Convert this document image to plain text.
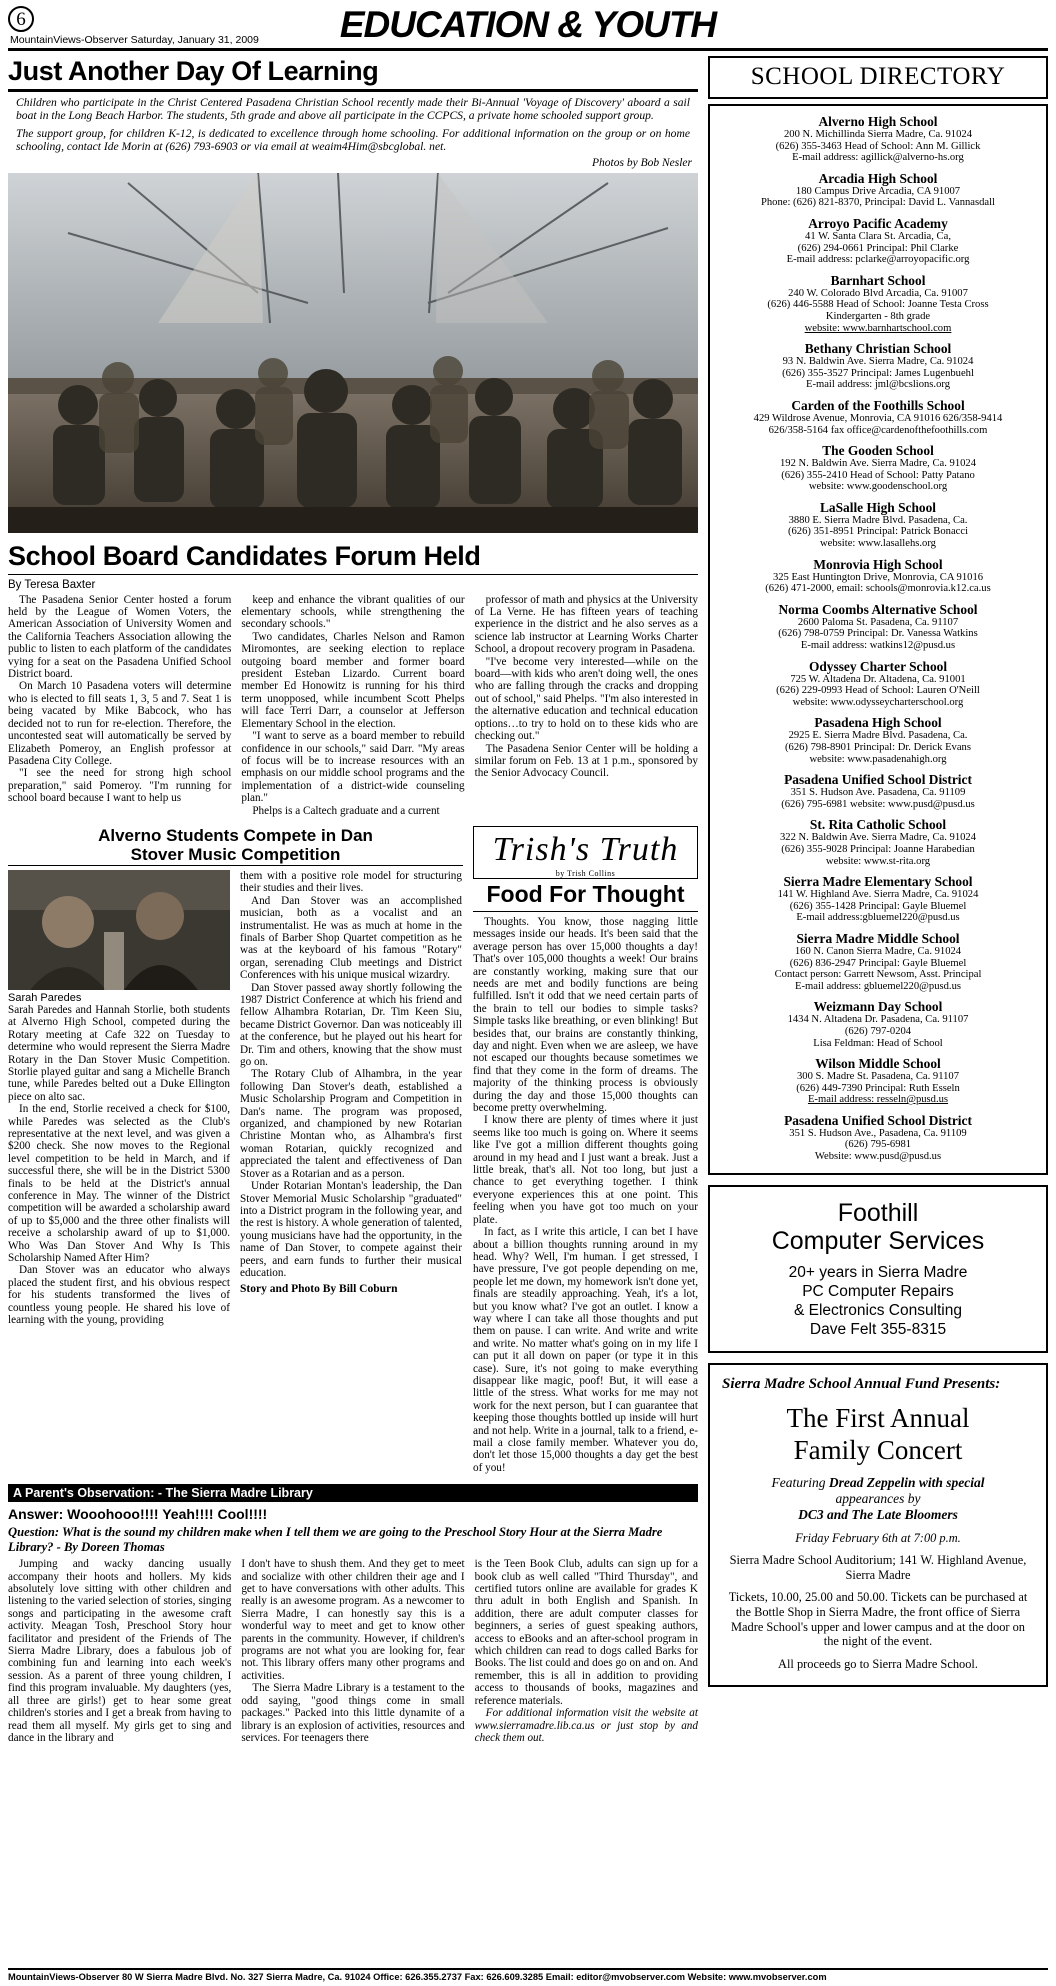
6	EDUCATION & YOUTH
MountainViews-Observer Saturday, January 31, 2009
Just Another Day Of Learning
Children who participate in the Christ Centered Pasadena Christian School recently made their Bi-Annual 'Voyage of Discovery' aboard a sail boat in the Long Beach Harbor. The students, 5th grade and above all participate in the CCPCS, a private home schooled support group.
The support group, for children K-12, is dedicated to excellence through home schooling. For additional information on the group or on home schooling, contact Ide Morin at (626) 793-6903 or via email at weaim4Him@sbcglobal. net.
Photos by Bob Nesler
School Board Candidates Forum Held
By Teresa Baxter

The Pasadena Senior Center hosted a forum held by the League of Women Voters, the American Association of University Women and the California Teachers Association allowing the public to listen to each platform of the candidates vying for a seat on the Pasadena Unified School District board.

On March 10 Pasadena voters will determine who is elected to fill seats 1, 3, 5 and 7. Seat 1 is being vacated by Mike Babcock, who has decided not to run for re-election. Therefore, the uncontested seat will automatically be served by Elizabeth Pomeroy, an English professor at Pasadena City College.

"I see the need for strong high school preparation," said Pomeroy. "I'm running for school board because I want to help us

keep and enhance the vibrant qualities of our elementary schools, while strengthening the secondary schools."

Two candidates, Charles Nelson and Ramon Miromontes, are seeking election to replace outgoing board member and former board president Esteban Lizardo. Current board member Ed Honowitz is running for his third term unopposed, while incumbent Scott Phelps will face Terri Darr, a counselor at Jefferson Elementary School in the election.

"I want to serve as a board member to rebuild confidence in our schools," said Darr. "My areas of focus will be to increase resources with an emphasis on our middle school programs and the implementation of a district-wide counseling plan."

Phelps is a Caltech graduate and a current

professor of math and physics at the University of La Verne. He has fifteen years of teaching experience in the district and he also serves as a science lab instructor at Learning Works Charter School, a dropout recovery program in Pasadena.

"I've become very interested—while on the board—with kids who aren't doing well, the ones who are falling through the cracks and dropping out of school," said Phelps. "I'm also interested in the alternative education and technical education options…to try to hold on to these kids who are checking out."

The Pasadena Senior Center will be holding a similar forum on Feb. 13 at 1 p.m., sponsored by the Senior Advocacy Council.

Alverno Students Compete in Dan
Stover Music Competition
Sarah Paredes

Sarah Paredes and Hannah Storlie, both students at Alverno High School, competed during the Rotary meeting at Cafe 322 on Tuesday to determine who would represent the Sierra Madre Rotary in the Dan Stover Music Competition. Storlie played guitar and sang a Michelle Branch tune, while Paredes belted out a Duke Ellington piece on alto sac.

In the end, Storlie received a check for $100, while Paredes was selected as the Club's representative at the next level, and was given a $200 check. She now moves to the Regional level competition to be held in March, and if successful there, she will be in the District 5300 finals to be held at the District's annual conference in May. The winner of the District competition will be awarded a scholarship award of up to $5,000 and the three other finalists will receive a scholarship award of up to $1,000. Who Was Dan Stover And Why Is This Scholarship Named After Him?

Dan Stover was an educator who always placed the student first, and his obvious respect for his students transformed the lives of countless young people. He shared his love of learning with the young, providing

them with a positive role model for structuring their studies and their lives.

And Dan Stover was an accomplished musician, both as a vocalist and an instrumentalist. He was as much at home in the finals of Barber Shop Quartet competition as he was at the keyboard of his famous "Rotary" organ, serenading Club meetings and District Conferences with his unique musical wizardry.

Dan Stover passed away shortly following the 1987 District Conference at which his friend and fellow Alhambra Rotarian, Dr. Tim Keen Siu, became District Governor. Dan was noticeably ill at the conference, but he played out his heart for Dr. Tim and others, knowing that the show must go on.

The Rotary Club of Alhambra, in the year following Dan Stover's death, established a Music Scholarship Program and Competition in Dan's name. The program was proposed, organized, and championed by new Rotarian Christine Montan who, as Alhambra's first woman Rotarian, quickly recognized and appreciated the talent and effectiveness of Dan Stover as a Rotarian and as a person.

Under Rotarian Montan's leadership, the Dan Stover Memorial Music Scholarship "graduated" into a District program in the following year, and the rest is history. A whole generation of talented, young musicians have had the opportunity, in the name of Dan Stover, to compete against their peers, and earn funds to further their musical education.

Story and Photo By Bill Coburn
Trish's Truth
by Trish Collins
Food For Thought

Thoughts. You know, those nagging little messages inside our heads. It's been said that the average person has over 15,000 thoughts a day! That's over 105,000 thoughts a week! Our brains are constantly working, making sure that our needs are met and bodily functions are being fulfilled. Isn't it odd that we need certain parts of the brain to tell our bodies to simple tasks? Simple tasks like breathing, or even blinking! But besides that, our brains are constantly thinking, day and night. Even when we are asleep, we have not escaped our thoughts because sometimes we find that they come in the form of dreams. The majority of the thinking process is obviously during the day and those 15,000 thoughts can become pretty overwhelming.

I know there are plenty of times where it just seems like too much is going on. Where it seems like I've got a million different thoughts going around in my head and I just want a break. Just a little break, that's all. Not too long, but just a chance to get everything together. I think everyone experiences this at one point. This feeling when you have got too much on your plate.

In fact, as I write this article, I can bet I have about a billion thoughts running around in my head. Why? Well, I'm human. I get stressed, I have pressure, I've got people depending on me, people let me down, my homework isn't done yet, finals are steadily approaching. Yeah, it's a lot, but you know what? I've got an outlet. I know a way where I can take all those thoughts and put them on pause. I can write. And write and write and write. No matter what's going on in my life I can put it all down on paper (or type it in this case). Sure, it's not going to make everything disappear like magic, poof! But, it will ease a little of the stress. What works for me may not work for the next person, but I can guarantee that keeping those thoughts bottled up inside will hurt and not help. Write in a journal, talk to a friend, e-mail a close family member. Whatever you do, don't let those 15,000 thoughts a day get the best of you!

A Parent's Observation: - The Sierra Madre Library
Answer: Wooohooo!!!! Yeah!!!! Cool!!!!
Question: What is the sound my children make when I tell them we are going to the Preschool Story Hour at the Sierra Madre Library? - By Doreen Thomas

Jumping and wacky dancing usually accompany their hoots and hollers. My kids absolutely love sitting with other children and listening to the varied selection of stories, singing songs and participating in the awesome craft activity. Meagan Tosh, Preschool Story hour facilitator and president of the Friends of The Sierra Madre Library, does a fabulous job of combining fun and learning into each week's session. As a parent of three young children, I find this program invaluable. My daughters (yes, all three are girls!) get to hear some great children's stories and I get a break from having to read them all myself. My girls get to sing and dance in the library and

I don't have to shush them. And they get to meet and socialize with other children their age and I get to have conversations with other adults. This really is an awesome program. As a newcomer to Sierra Madre, I can honestly say this is a wonderful way to meet and get to know other parents in the community. However, if children's programs are not what you are looking for, fear not. This library offers many other programs and activities.

The Sierra Madre Library is a testament to the odd saying, "good things come in small packages." Packed into this little dynamite of a library is an explosion of activities, resources and services. For teenagers there

is the Teen Book Club, adults can sign up for a book club as well called "Third Thursday", and certified tutors online are available for grades K thru adult in both English and Spanish. In addition, there are adult computer classes for beginners, a series of guest speaking authors, access to eBooks and an after-school program in which children can read to dogs called Barks for Books. The list could and does go on and on. And remember, this is all in addition to providing access to thousands of books, magazines and reference materials.

For additional information visit the website at www.sierramadre.lib.ca.us or just stop by and check them out.

SCHOOL DIRECTORY
Alverno High School
200 N. Michillinda Sierra Madre, Ca. 91024
(626) 355-3463 Head of School: Ann M. Gillick
E-mail address: agillick@alverno-hs.org
Arcadia High School
180 Campus Drive Arcadia, CA 91007
Phone: (626) 821-8370, Principal: David L. Vannasdall
Arroyo Pacific Academy
41 W. Santa Clara St. Arcadia, Ca,
(626) 294-0661 Principal: Phil Clarke
E-mail address: pclarke@arroyopacific.org
Barnhart School
240 W. Colorado Blvd Arcadia, Ca. 91007
(626) 446-5588 Head of School: Joanne Testa Cross
Kindergarten - 8th grade
website: www.barnhartschool.com
Bethany Christian School
93 N. Baldwin Ave. Sierra Madre, Ca. 91024
(626) 355-3527 Principal: James Lugenbuehl
E-mail address: jml@bcslions.org
Carden of the Foothills School
429 Wildrose Avenue, Monrovia, CA 91016 626/358-9414
626/358-5164 fax office@cardenofthefoothills.com
The Gooden School
192 N. Baldwin Ave. Sierra Madre, Ca. 91024
(626) 355-2410 Head of School: Patty Patano
website: www.goodenschool.org
LaSalle High School
3880 E. Sierra Madre Blvd. Pasadena, Ca.
(626) 351-8951 Principal: Patrick Bonacci
website: www.lasallehs.org
Monrovia High School
325 East Huntington Drive, Monrovia, CA 91016
(626) 471-2000, email: schools@monrovia.k12.ca.us
Norma Coombs Alternative School
2600 Paloma St. Pasadena, Ca. 91107
(626) 798-0759 Principal: Dr. Vanessa Watkins
E-mail address: watkins12@pusd.us
Odyssey Charter School
725 W. Altadena Dr. Altadena, Ca. 91001
(626) 229-0993 Head of School: Lauren O'Neill
website: www.odysseycharterschool.org
Pasadena High School
2925 E. Sierra Madre Blvd. Pasadena, Ca.
(626) 798-8901 Principal: Dr. Derick Evans
website: www.pasadenahigh.org
Pasadena Unified School District
351 S. Hudson Ave. Pasadena, Ca. 91109
(626) 795-6981 website: www.pusd@pusd.us
St. Rita Catholic School
322 N. Baldwin Ave. Sierra Madre, Ca. 91024
(626) 355-9028 Principal: Joanne Harabedian
website: www.st-rita.org
Sierra Madre Elementary School
141 W. Highland Ave. Sierra Madre, Ca. 91024
(626) 355-1428 Principal: Gayle Bluemel
E-mail address:gbluemel220@pusd.us
Sierra Madre Middle School
160 N. Canon Sierra Madre, Ca. 91024
(626) 836-2947 Principal: Gayle Bluemel
Contact person: Garrett Newsom, Asst. Principal
E-mail address: gbluemel220@pusd.us
Weizmann Day School
1434 N. Altadena Dr. Pasadena, Ca. 91107
(626) 797-0204
Lisa Feldman: Head of School
Wilson Middle School
300 S. Madre St. Pasadena, Ca. 91107
(626) 449-7390 Principal: Ruth Esseln
E-mail address: resseln@pusd.us
Pasadena Unified School District
351 S. Hudson Ave., Pasadena, Ca. 91109
(626) 795-6981
Website: www.pusd@pusd.us
Foothill
Computer Services
20+ years in Sierra Madre
PC Computer Repairs
& Electronics Consulting
Dave Felt 355-8315
Sierra Madre School Annual Fund Presents:
The First Annual
Family Concert
Featuring Dread Zeppelin with special
appearances by
DC3 and The Late Bloomers
Friday February 6th at 7:00 p.m.
Sierra Madre School Auditorium; 141 W. Highland Avenue, Sierra Madre
Tickets, 10.00, 25.00 and 50.00. Tickets can be purchased at the Bottle Shop in Sierra Madre, the front office of Sierra Madre School's upper and lower campus and at the door on the night of the event.
All proceeds go to Sierra Madre School.
MountainViews-Observer 80 W Sierra Madre Blvd. No. 327 Sierra Madre, Ca. 91024 Office: 626.355.2737 Fax: 626.609.3285 Email: editor@mvobserver.com Website: www.mvobserver.com
